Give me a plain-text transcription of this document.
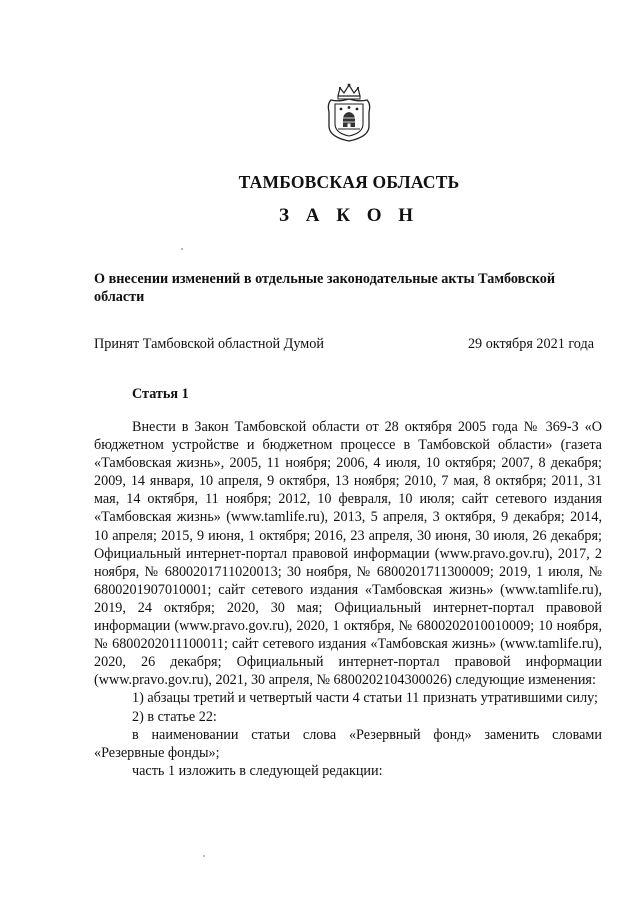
ТАМБОВСКАЯ ОБЛАСТЬ
З А К О Н
О внесении изменений в отдельные законодательные акты Тамбовской области
Принят Тамбовской областной Думой	29 октября 2021 года
Статья 1

Внести в Закон Тамбовской области от 28 октября 2005 года № 369-З «О бюджетном устройстве и бюджетном процессе в Тамбовской области» (газета «Тамбовская жизнь», 2005, 11 ноября; 2006, 4 июля, 10 октября; 2007, 8 декабря; 2009, 14 января, 10 апреля, 9 октября, 13 ноября; 2010, 7 мая, 8 октября; 2011, 31 мая, 14 октября, 11 ноября; 2012, 10 февраля, 10 июля; сайт сетевого издания «Тамбовская жизнь» (www.tamlife.ru), 2013, 5 апреля, 3 октября, 9 декабря; 2014, 10 апреля; 2015, 9 июня, 1 октября; 2016, 23 апреля, 30 июня, 30 июля, 26 декабря; Официальный интернет-портал правовой информации (www.pravo.gov.ru), 2017, 2 ноября, № 6800201711020013; 30 ноября, № 6800201711300009; 2019, 1 июля, № 6800201907010001; сайт сетевого издания «Тамбовская жизнь» (www.tamlife.ru), 2019, 24 октября; 2020, 30 мая; Официальный интернет-портал правовой информации (www.pravo.gov.ru), 2020, 1 октября, № 6800202010010009; 10 ноября, № 6800202011100011; сайт сетевого издания «Тамбовская жизнь» (www.tamlife.ru), 2020, 26 декабря; Официальный интернет-портал правовой информации (www.pravo.gov.ru), 2021, 30 апреля, № 6800202104300026) следующие изменения:

1) абзацы третий и четвертый части 4 статьи 11 признать утратившими силу;

2) в статье 22:

в наименовании статьи слова «Резервный фонд» заменить словами «Резервные фонды»;

часть 1 изложить в следующей редакции:
